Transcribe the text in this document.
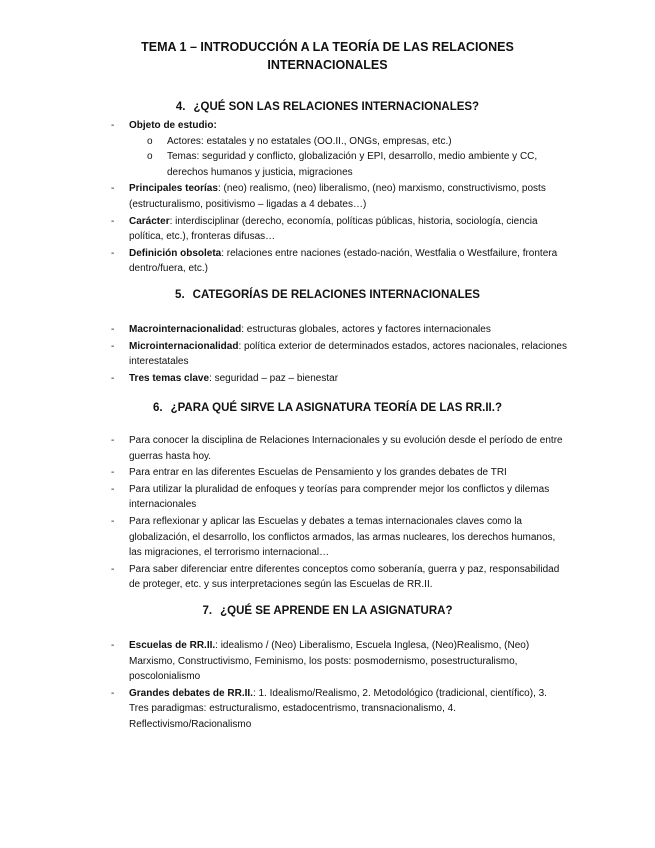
TEMA 1 – INTRODUCCIÓN A LA TEORÍA DE LAS RELACIONES INTERNACIONALES
4. ¿QUÉ SON LAS RELACIONES INTERNACIONALES?
- Objeto de estudio:
o Actores: estatales y no estatales (OO.II., ONGs, empresas, etc.)
o Temas: seguridad y conflicto, globalización y EPI, desarrollo, medio ambiente y CC, derechos humanos y justicia, migraciones
- Principales teorías: (neo) realismo, (neo) liberalismo, (neo) marxismo, constructivismo, posts (estructuralismo, positivismo – ligadas a 4 debates…)
- Carácter: interdisciplinar (derecho, economía, políticas públicas, historia, sociología, ciencia política, etc.), fronteras difusas…
- Definición obsoleta: relaciones entre naciones (estado-nación, Westfalia o Westfailure, frontera dentro/fuera, etc.)
5. CATEGORÍAS DE RELACIONES INTERNACIONALES
- Macrointernacionalidad: estructuras globales, actores y factores internacionales
- Microinternacionalidad: política exterior de determinados estados, actores nacionales, relaciones interestatales
- Tres temas clave: seguridad – paz – bienestar
6. ¿PARA QUÉ SIRVE LA ASIGNATURA TEORÍA DE LAS RR.II.?
- Para conocer la disciplina de Relaciones Internacionales y su evolución desde el período de entre guerras hasta hoy.
- Para entrar en las diferentes Escuelas de Pensamiento y los grandes debates de TRI
- Para utilizar la pluralidad de enfoques y teorías para comprender mejor los conflictos y dilemas internacionales
- Para reflexionar y aplicar las Escuelas y debates a temas internacionales claves como la globalización, el desarrollo, los conflictos armados, las armas nucleares, los derechos humanos, las migraciones, el terrorismo internacional…
- Para saber diferenciar entre diferentes conceptos como soberanía, guerra y paz, responsabilidad de proteger, etc. y sus interpretaciones según las Escuelas de RR.II.
7. ¿QUÉ SE APRENDE EN LA ASIGNATURA?
- Escuelas de RR.II.: idealismo / (Neo) Liberalismo, Escuela Inglesa, (Neo)Realismo, (Neo) Marxismo, Constructivismo, Feminismo, los posts: posmodernismo, posestructuralismo, poscolonialismo
- Grandes debates de RR.II.: 1. Idealismo/Realismo, 2. Metodológico (tradicional, científico), 3. Tres paradigmas: estructuralismo, estadocentrismo, transnacionalismo, 4. Reflectivismo/Racionalismo
